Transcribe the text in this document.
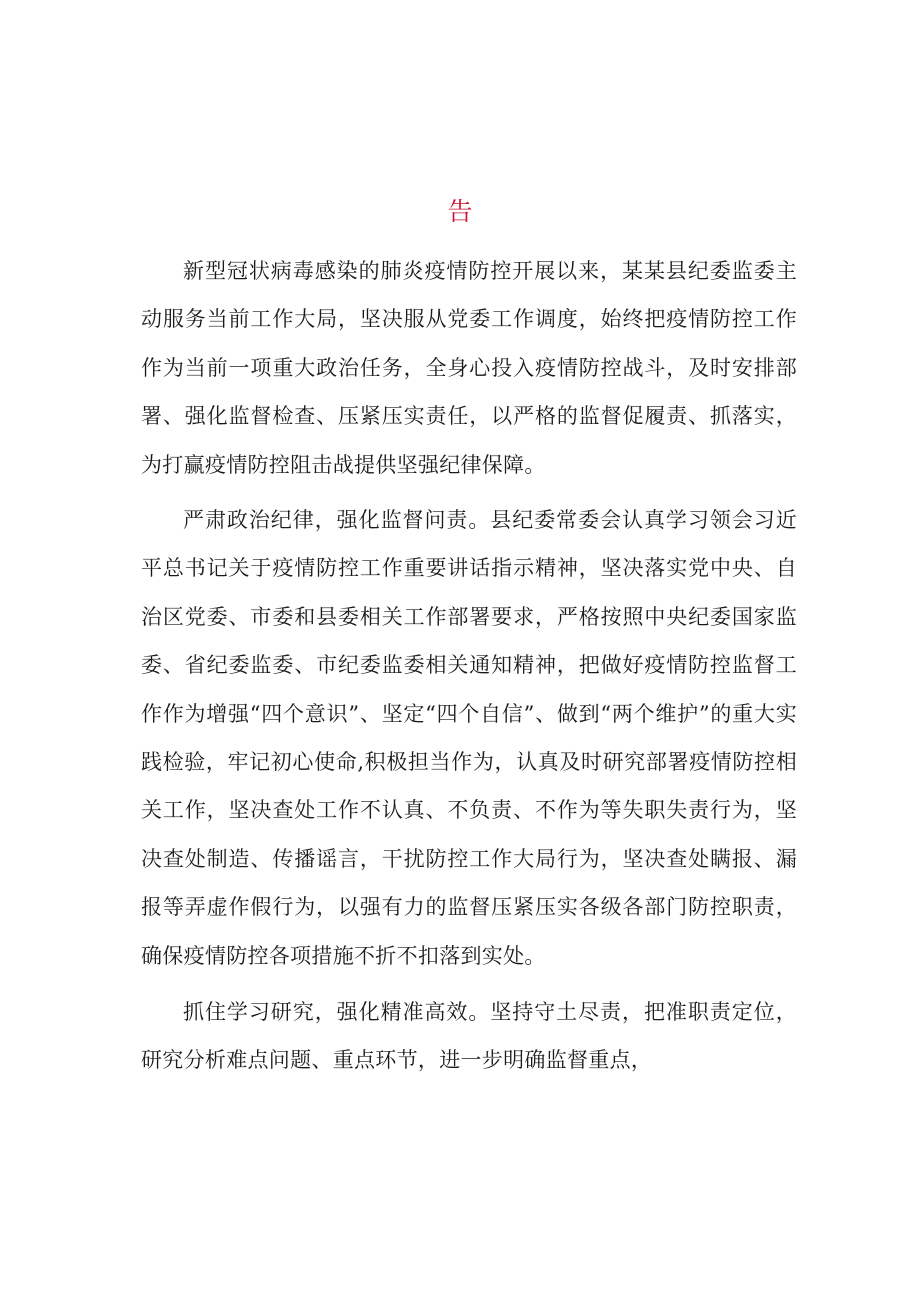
告

新型冠状病毒感染的肺炎疫情防控开展以来，某某县纪委监委主动服务当前工作大局，坚决服从党委工作调度，始终把疫情防控工作作为当前一项重大政治任务，全身心投入疫情防控战斗，及时安排部署、强化监督检查、压紧压实责任，以严格的监督促履责、抓落实，为打赢疫情防控阻击战提供坚强纪律保障。

严肃政治纪律，强化监督问责。县纪委常委会认真学习领会习近平总书记关于疫情防控工作重要讲话指示精神，坚决落实党中央、自治区党委、市委和县委相关工作部署要求，严格按照中央纪委国家监委、省纪委监委、市纪委监委相关通知精神，把做好疫情防控监督工作作为增强“四个意识”、坚定“四个自信”、做到“两个维护”的重大实践检验，牢记初心使命,积极担当作为，认真及时研究部署疫情防控相关工作，坚决查处工作不认真、不负责、不作为等失职失责行为，坚决查处制造、传播谣言，干扰防控工作大局行为，坚决查处瞒报、漏报等弄虚作假行为，以强有力的监督压紧压实各级各部门防控职责，确保疫情防控各项措施不折不扣落到实处。

抓住学习研究，强化精准高效。坚持守土尽责，把准职责定位，研究分析难点问题、重点环节，进一步明确监督重点，
